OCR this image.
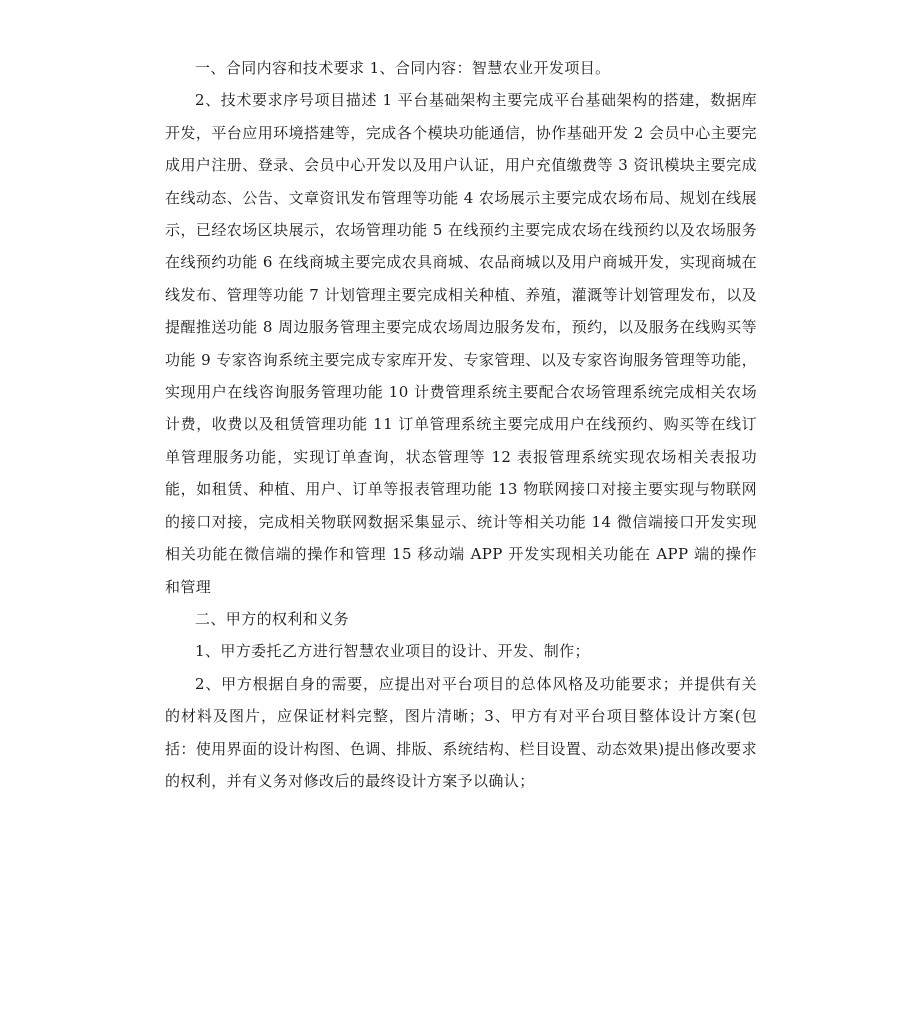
一、合同内容和技术要求 1、合同内容：智慧农业开发项目。

2、技术要求序号项目描述 1 平台基础架构主要完成平台基础架构的搭建，数据库开发，平台应用环境搭建等，完成各个模块功能通信，协作基础开发 2 会员中心主要完成用户注册、登录、会员中心开发以及用户认证，用户充值缴费等 3 资讯模块主要完成在线动态、公告、文章资讯发布管理等功能 4 农场展示主要完成农场布局、规划在线展示，已经农场区块展示，农场管理功能 5 在线预约主要完成农场在线预约以及农场服务在线预约功能 6 在线商城主要完成农具商城、农品商城以及用户商城开发，实现商城在线发布、管理等功能 7 计划管理主要完成相关种植、养殖，灌溉等计划管理发布，以及提醒推送功能 8 周边服务管理主要完成农场周边服务发布，预约，以及服务在线购买等功能 9 专家咨询系统主要完成专家库开发、专家管理、以及专家咨询服务管理等功能，实现用户在线咨询服务管理功能 10 计费管理系统主要配合农场管理系统完成相关农场计费，收费以及租赁管理功能 11 订单管理系统主要完成用户在线预约、购买等在线订单管理服务功能，实现订单查询，状态管理等 12 表报管理系统实现农场相关表报功能，如租赁、种植、用户、订单等报表管理功能 13 物联网接口对接主要实现与物联网的接口对接，完成相关物联网数据采集显示、统计等相关功能 14 微信端接口开发实现相关功能在微信端的操作和管理 15 移动端 APP 开发实现相关功能在 APP 端的操作和管理

二、甲方的权利和义务

1、甲方委托乙方进行智慧农业项目的设计、开发、制作；

2、甲方根据自身的需要，应提出对平台项目的总体风格及功能要求；并提供有关的材料及图片，应保证材料完整，图片清晰；3、甲方有对平台项目整体设计方案(包括：使用界面的设计构图、色调、排版、系统结构、栏目设置、动态效果)提出修改要求的权利，并有义务对修改后的最终设计方案予以确认；
